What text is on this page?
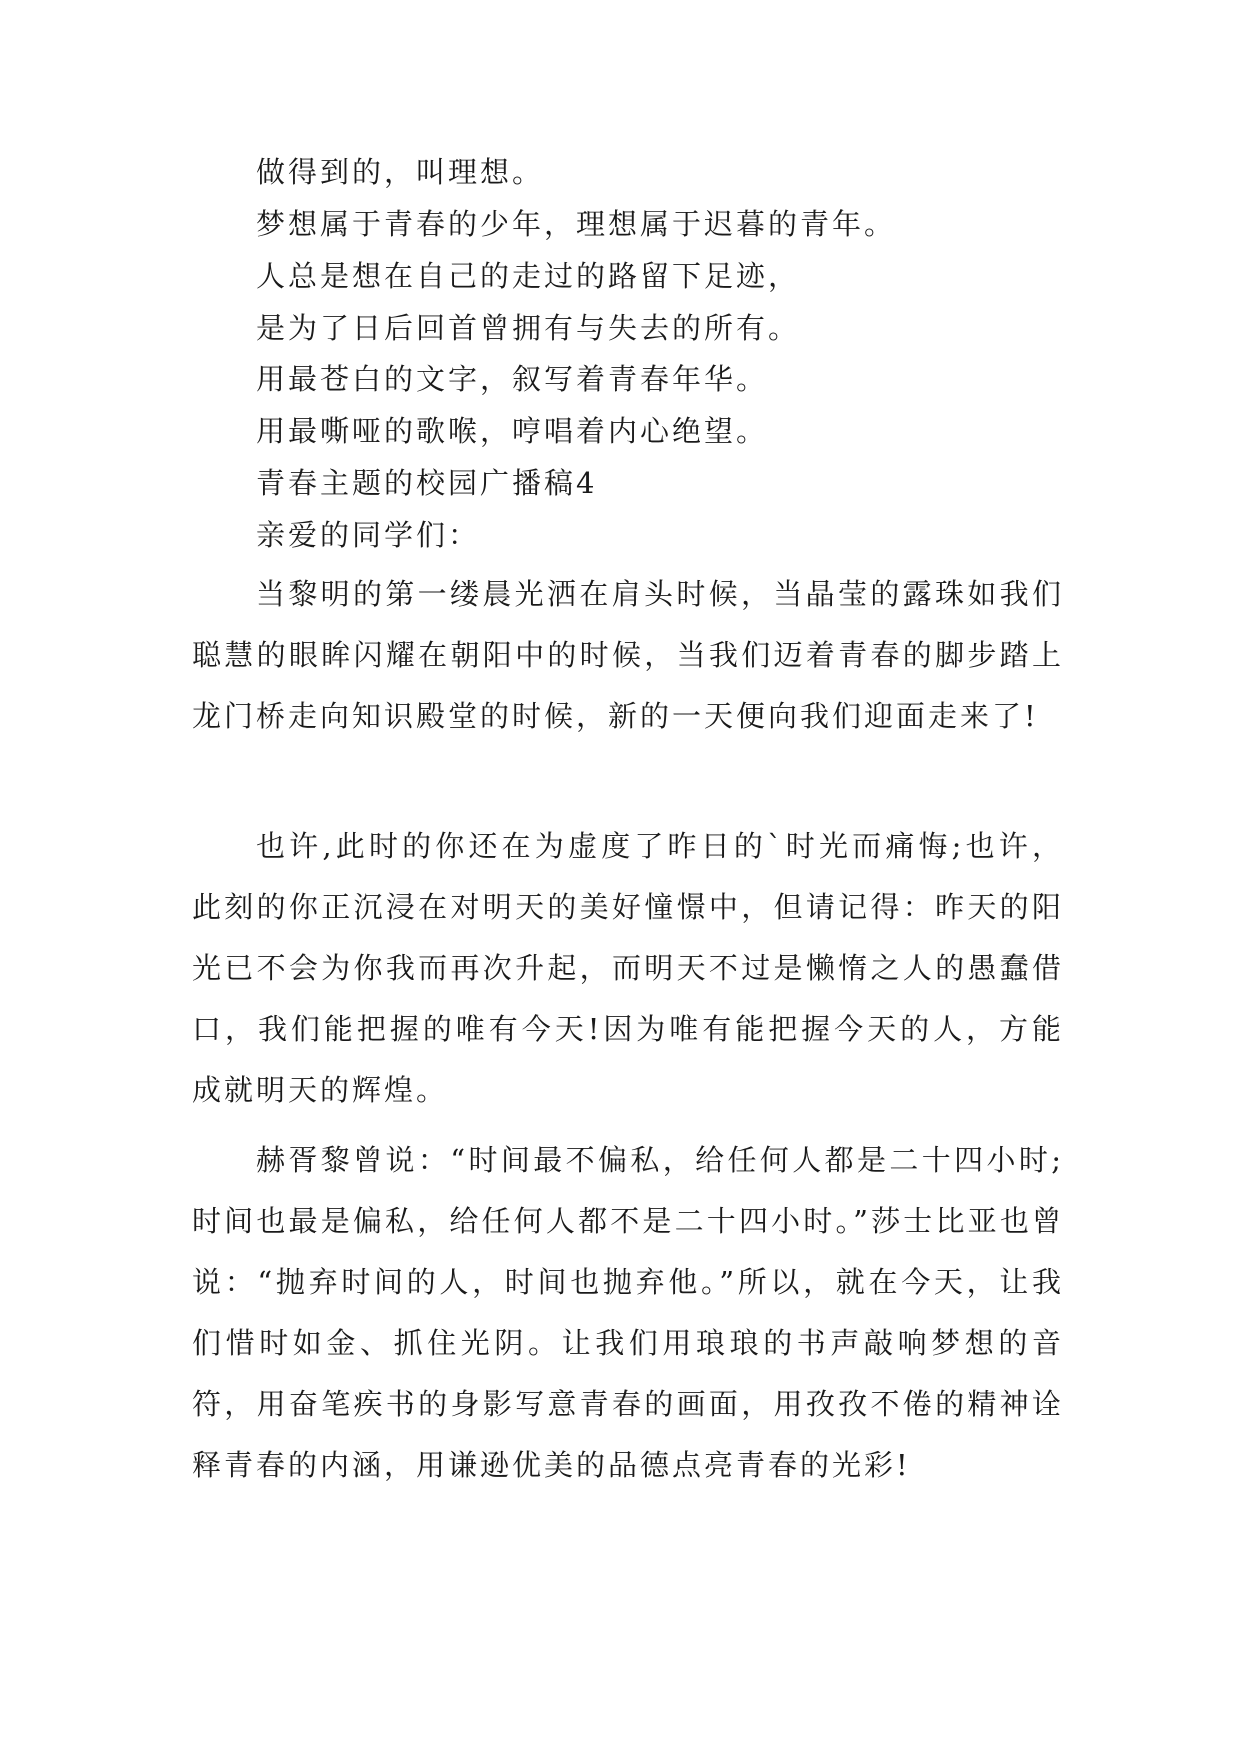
做得到的，叫理想。
梦想属于青春的少年，理想属于迟暮的青年。
人总是想在自己的走过的路留下足迹，
是为了日后回首曾拥有与失去的所有。
用最苍白的文字，叙写着青春年华。
用最嘶哑的歌喉，哼唱着内心绝望。
青春主题的校园广播稿4
亲爱的同学们：
当黎明的第一缕晨光洒在肩头时候，当晶莹的露珠如我们聪慧的眼眸闪耀在朝阳中的时候，当我们迈着青春的脚步踏上龙门桥走向知识殿堂的时候，新的一天便向我们迎面走来了!
也许,此时的你还在为虚度了昨日的`时光而痛悔;也许，此刻的你正沉浸在对明天的美好憧憬中，但请记得：昨天的阳光已不会为你我而再次升起，而明天不过是懒惰之人的愚蠢借口，我们能把握的唯有今天!因为唯有能把握今天的人，方能成就明天的辉煌。
赫胥黎曾说：“时间最不偏私，给任何人都是二十四小时;时间也最是偏私，给任何人都不是二十四小时。”莎士比亚也曾说：“抛弃时间的人，时间也抛弃他。”所以，就在今天，让我们惜时如金、抓住光阴。让我们用琅琅的书声敲响梦想的音符，用奋笔疾书的身影写意青春的画面，用孜孜不倦的精神诠释青春的内涵，用谦逊优美的品德点亮青春的光彩!
